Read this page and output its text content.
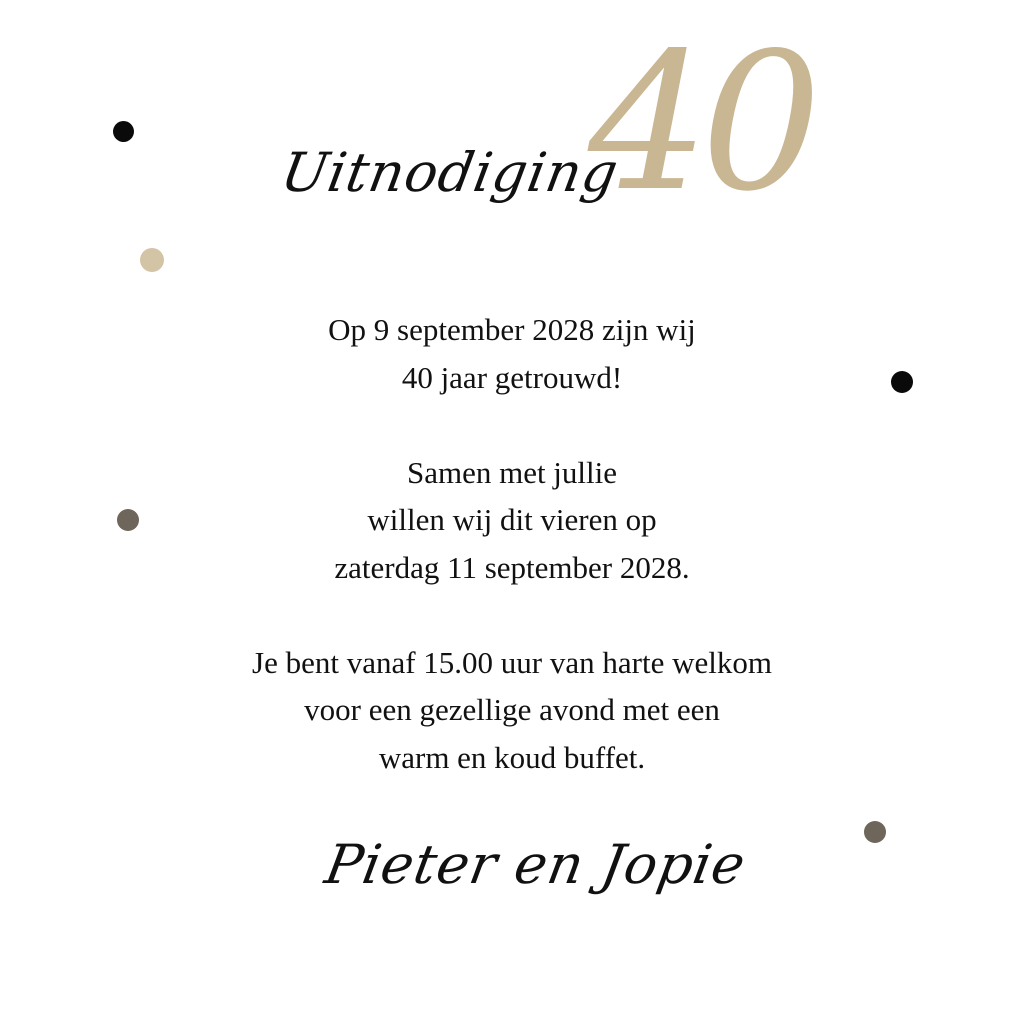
40
Uitnodiging
Op 9 september 2028 zijn wij
40 jaar getrouwd!
Samen met jullie
willen wij dit vieren op
zaterdag 11 september 2028.
Je bent vanaf 15.00 uur van harte welkom
voor een gezellige avond met een
warm en koud buffet.
Pieter en Jopie
